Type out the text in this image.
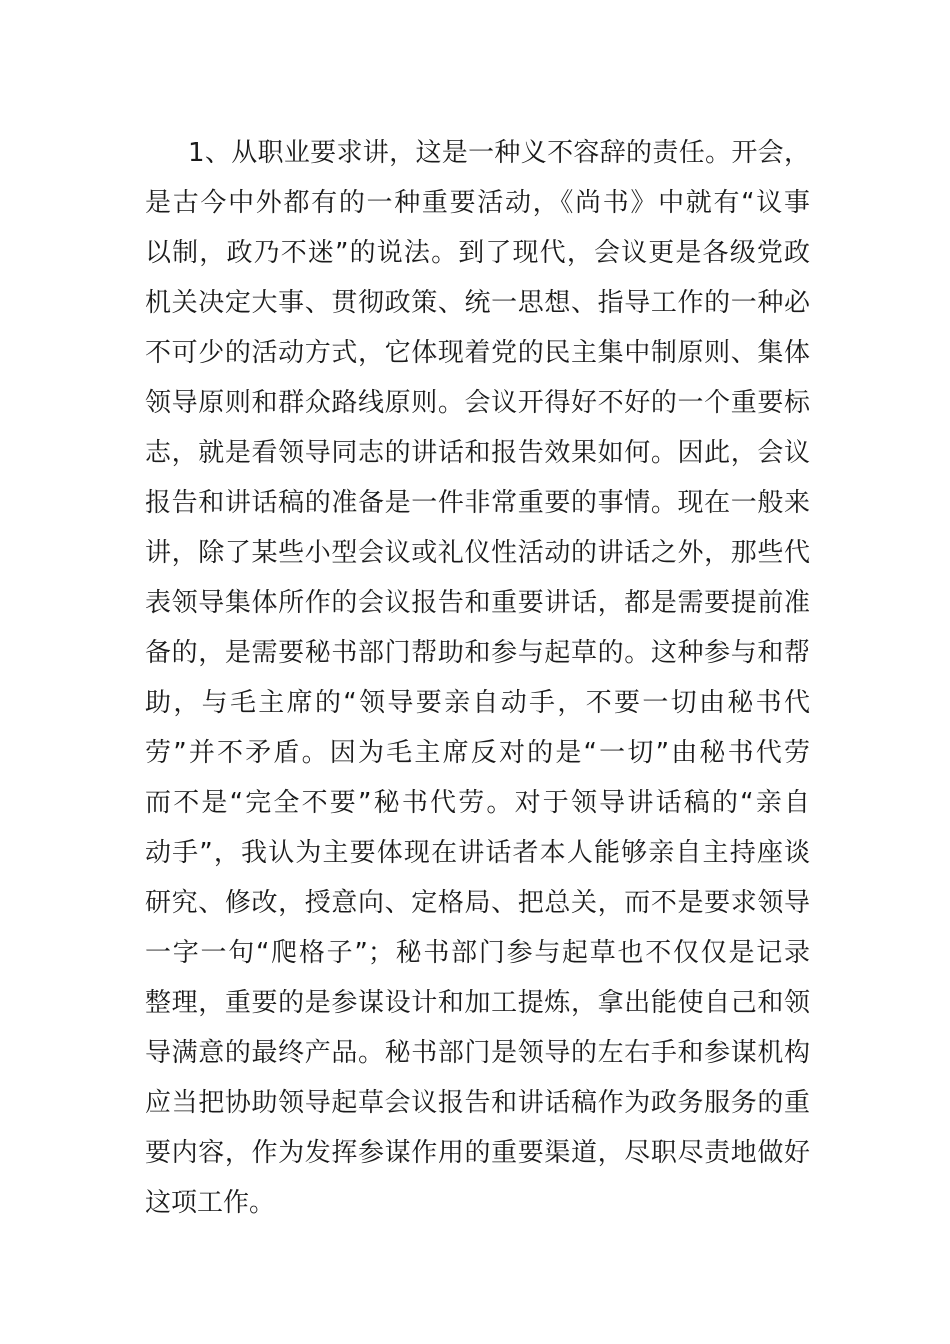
1、从职业要求讲，这是一种义不容辞的责任。开会，
是古今中外都有的一种重要活动，《尚书》中就有“议事
以制，政乃不迷”的说法。到了现代，会议更是各级党政
机关决定大事、贯彻政策、统一思想、指导工作的一种必
不可少的活动方式，它体现着党的民主集中制原则、集体
领导原则和群众路线原则。会议开得好不好的一个重要标
志，就是看领导同志的讲话和报告效果如何。因此，会议
报告和讲话稿的准备是一件非常重要的事情。现在一般来
讲，除了某些小型会议或礼仪性活动的讲话之外，那些代
表领导集体所作的会议报告和重要讲话，都是需要提前准
备的，是需要秘书部门帮助和参与起草的。这种参与和帮
助，与毛主席的“领导要亲自动手，不要一切由秘书代
劳”并不矛盾。因为毛主席反对的是“一切”由秘书代劳
而不是“完全不要”秘书代劳。对于领导讲话稿的“亲自
动手”，我认为主要体现在讲话者本人能够亲自主持座谈
研究、修改，授意向、定格局、把总关，而不是要求领导
一字一句“爬格子”；秘书部门参与起草也不仅仅是记录
整理，重要的是参谋设计和加工提炼，拿出能使自己和领
导满意的最终产品。秘书部门是领导的左右手和参谋机构
应当把协助领导起草会议报告和讲话稿作为政务服务的重
要内容，作为发挥参谋作用的重要渠道，尽职尽责地做好
这项工作。
